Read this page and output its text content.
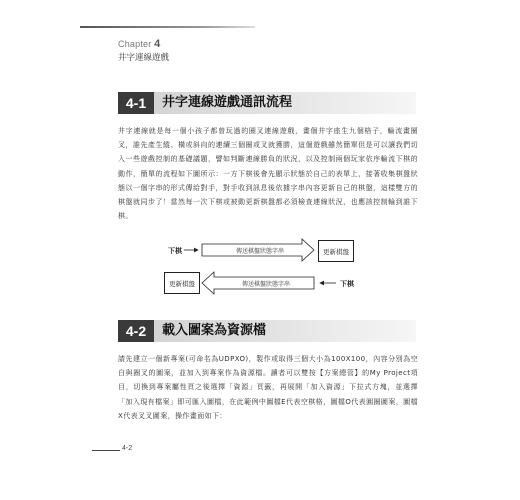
Chapter 4
井字連線遊戲
4-1	井字連線遊戲通訊流程

井字連線就是每一個小孩子都曾玩過的圈叉連線遊戲，畫個井字座生九個格子，輪流畫圈叉，誰先產生縱、橫或斜向的連續三個圈或叉就獲勝，這個遊戲雖然簡單但是可以讓我們切入一些遊戲控制的基礎議題，譬如判斷連線勝負的狀況，以及控制兩個玩家依序輪流下棋的動作，簡單的流程如下圖所示：一方下棋後會先顯示狀態於自己的表單上，接著收集棋盤狀態以一個字串的形式傳給對手，對手收到訊息後依據字串內容更新自己的棋盤，這樣雙方的棋盤就同步了！當然每一次下棋或被動更新棋盤都必須檢查連線狀況，也應該控制輪到誰下棋。

下棋	傳送棋盤狀態字串	更新棋盤
更新棋盤	傳送棋盤狀態字串	下棋
4-2	載入圖案為資源檔

請先建立一個新專案(可命名為UDPXO)，製作或取得三個大小為100X100，內容分別為空白與圈叉的圖案，並加入到專案作為資源檔。讀者可以雙按【方案總管】的My Project項目，切換到專案屬性頁之後選擇「資源」頁籤，再展開「加入資源」下拉式方塊，並選擇「加入現有檔案」即可匯入圖檔，在此範例中圖檔E代表空棋格，圖檔O代表圓圈圖案，圖檔X代表叉叉圖案，操作畫面如下：

4-2
